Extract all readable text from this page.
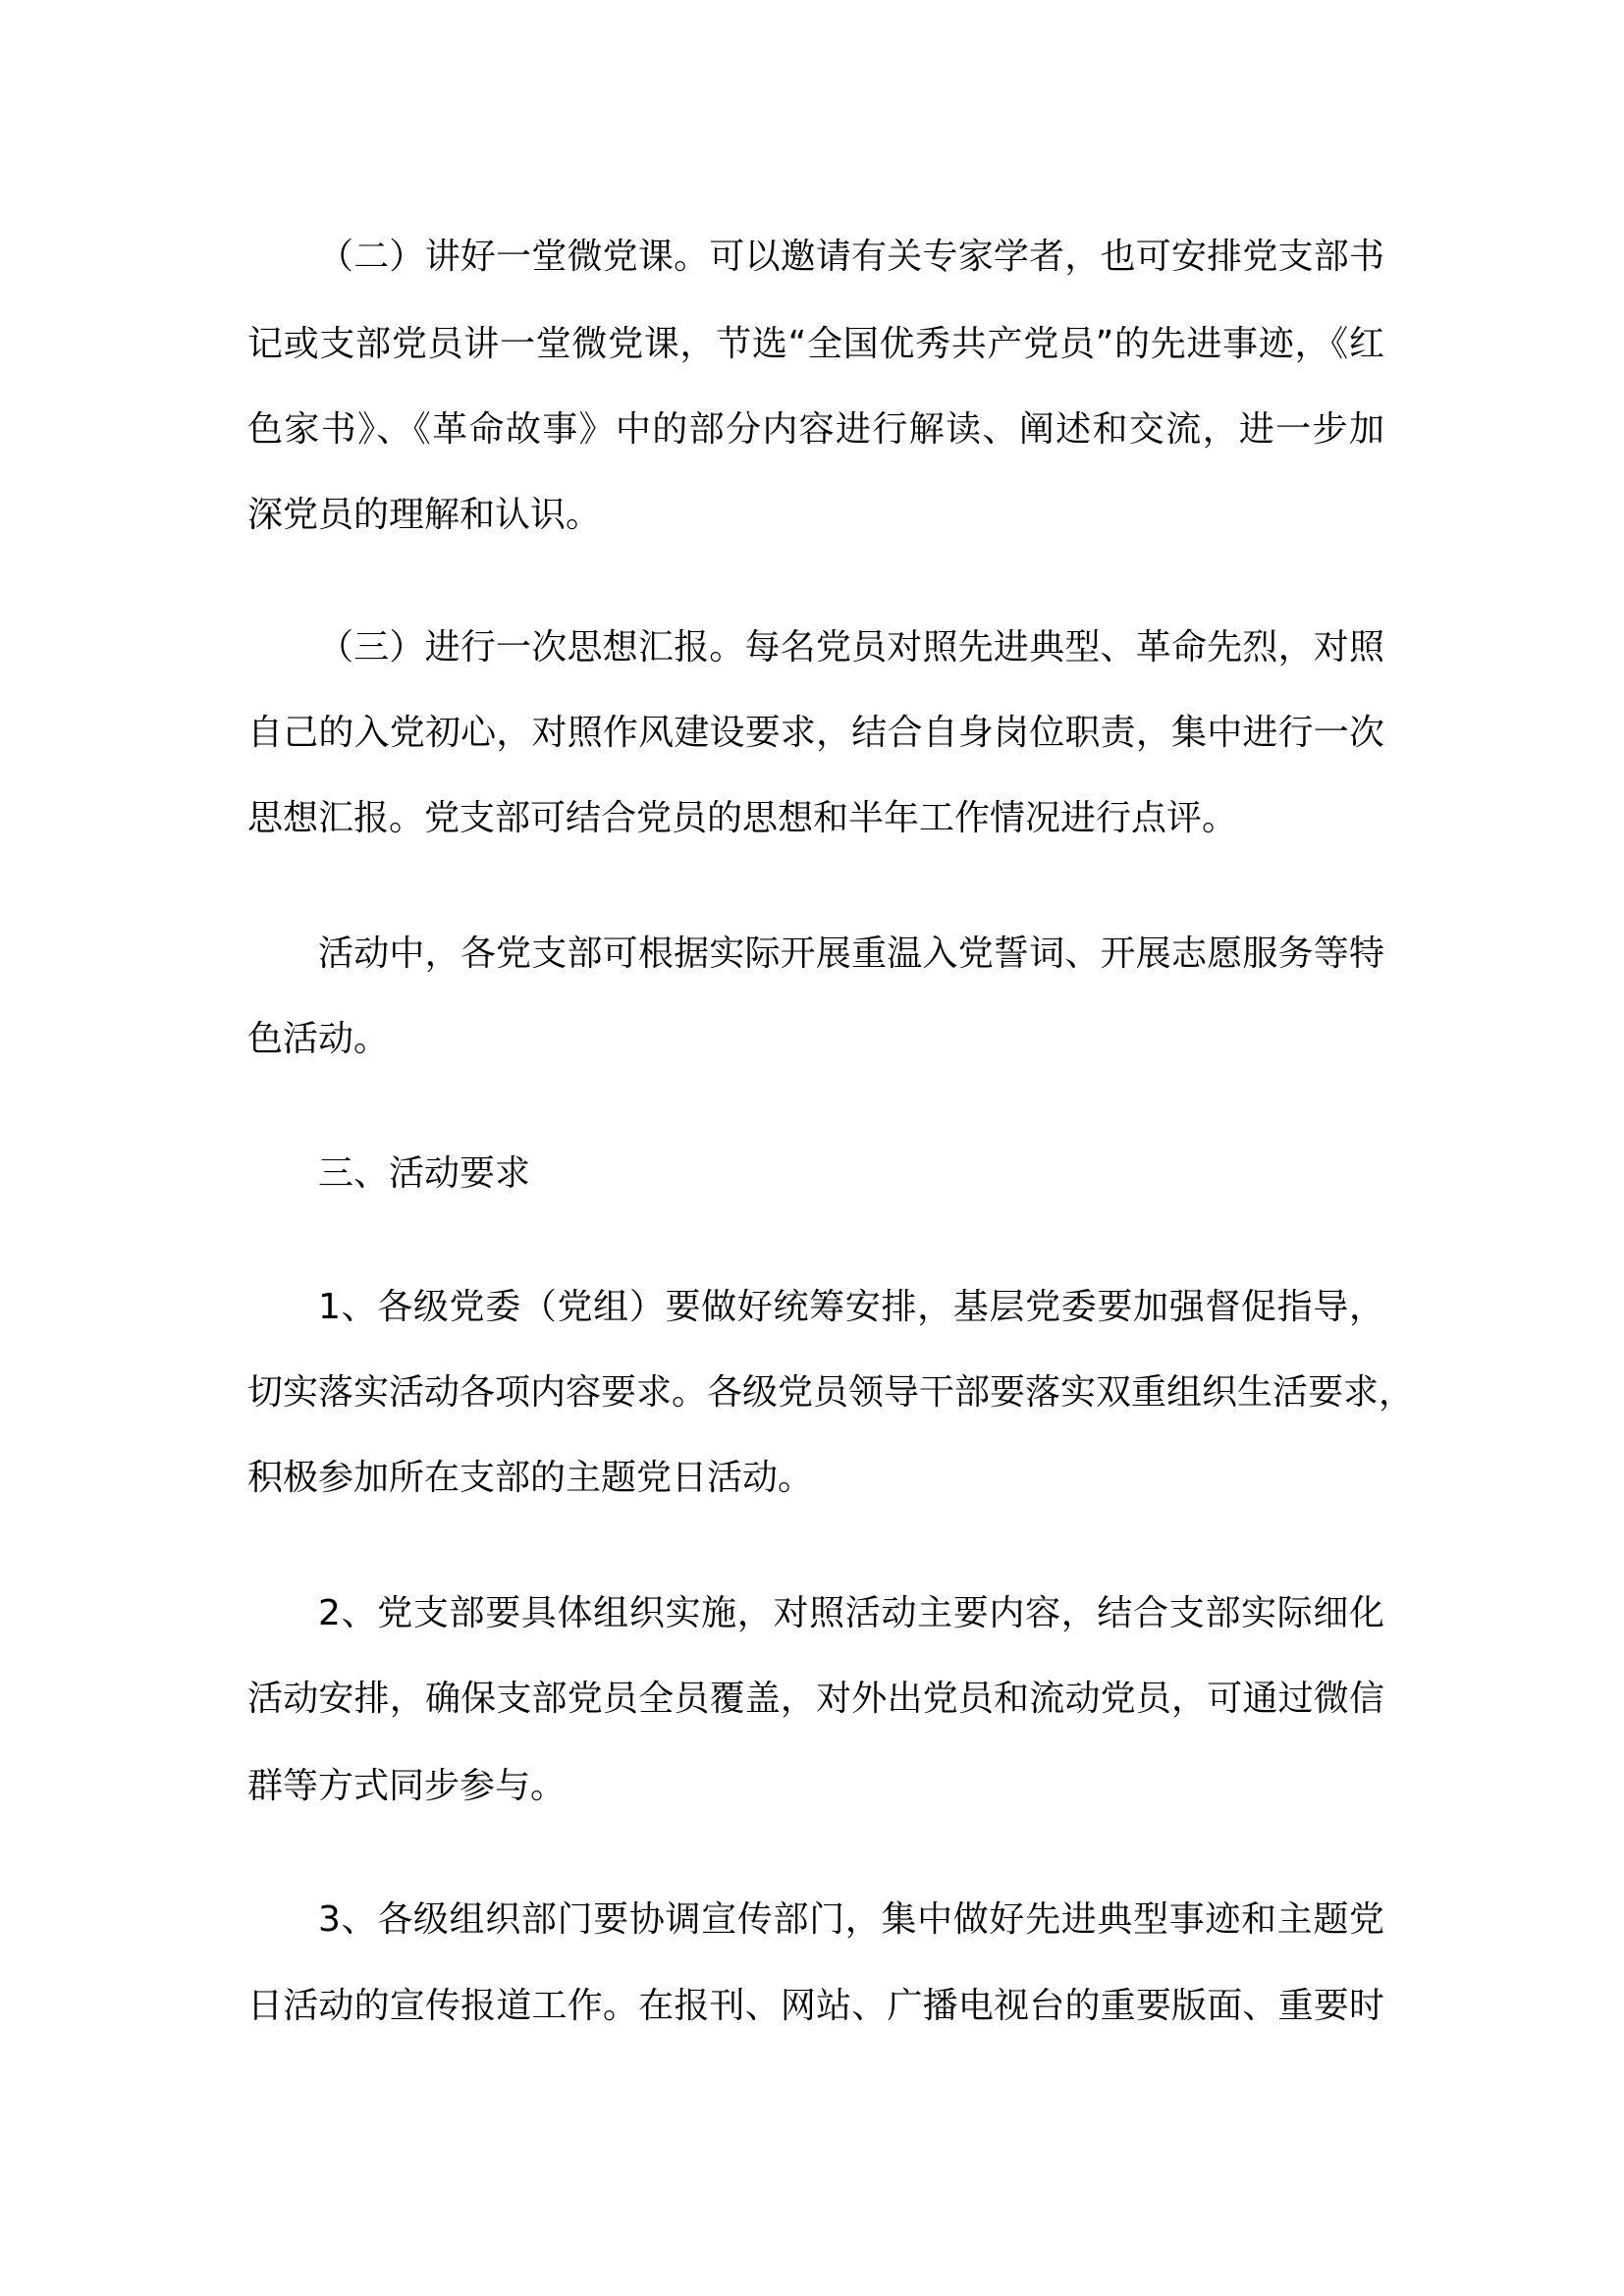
（二）讲好一堂微党课。可以邀请有关专家学者，也可安排党支部书
记或支部党员讲一堂微党课，节选“全国优秀共产党员”的先进事迹，《红
色家书》、《革命故事》中的部分内容进行解读、阐述和交流，进一步加
深党员的理解和认识。
（三）进行一次思想汇报。每名党员对照先进典型、革命先烈，对照
自己的入党初心，对照作风建设要求，结合自身岗位职责，集中进行一次
思想汇报。党支部可结合党员的思想和半年工作情况进行点评。
活动中，各党支部可根据实际开展重温入党誓词、开展志愿服务等特
色活动。
三、活动要求
1、各级党委（党组）要做好统筹安排，基层党委要加强督促指导，
切实落实活动各项内容要求。各级党员领导干部要落实双重组织生活要求，
积极参加所在支部的主题党日活动。
2、党支部要具体组织实施，对照活动主要内容，结合支部实际细化
活动安排，确保支部党员全员覆盖，对外出党员和流动党员，可通过微信
群等方式同步参与。
3、各级组织部门要协调宣传部门，集中做好先进典型事迹和主题党
日活动的宣传报道工作。在报刊、网站、广播电视台的重要版面、重要时
